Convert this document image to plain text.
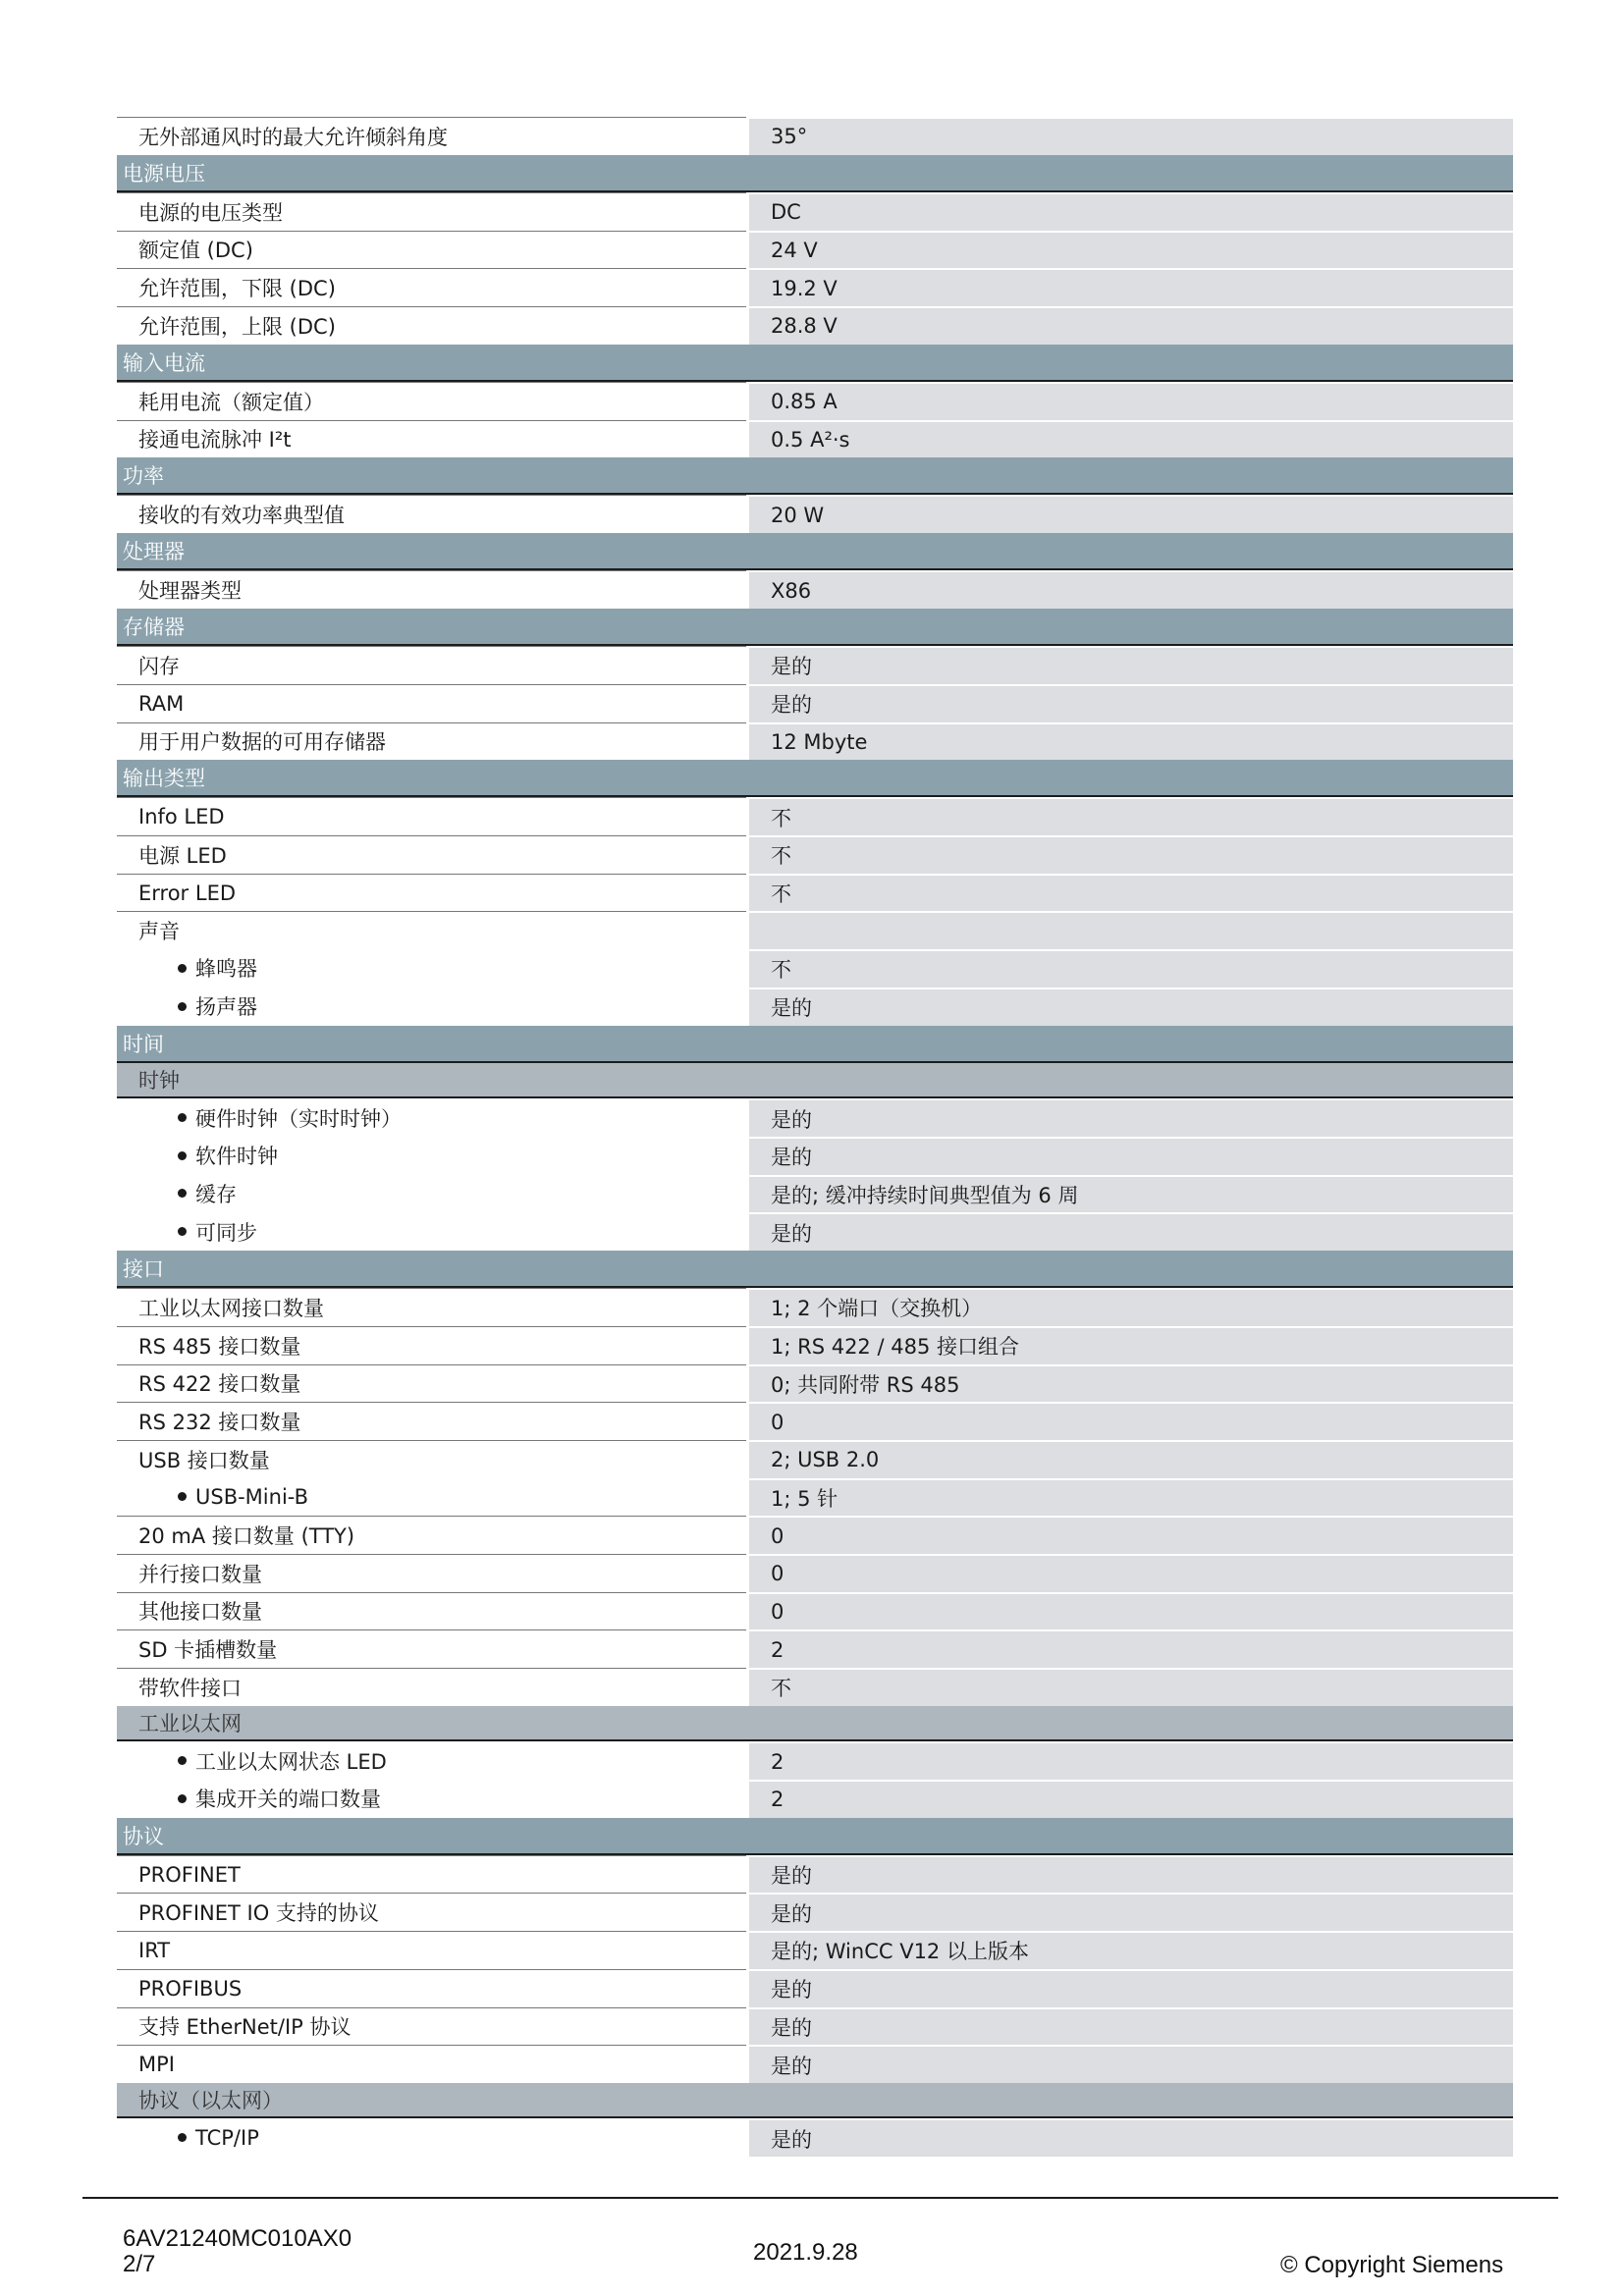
无外部通风时的最大允许倾斜角度	35°
电源电压
电源的电压类型	DC
额定值 (DC)	24 V
允许范围，下限 (DC)	19.2 V
允许范围，上限 (DC)	28.8 V
输入电流
耗用电流（额定值）	0.85 A
接通电流脉冲 I²t	0.5 A²·s
功率
接收的有效功率典型值	20 W
处理器
处理器类型	X86
存储器
闪存	是的
RAM	是的
用于用户数据的可用存储器	12 Mbyte
输出类型
Info LED	不
电源 LED	不
Error LED	不
声音
蜂鸣器	不
扬声器	是的
时间
时钟
硬件时钟（实时时钟）	是的
软件时钟	是的
缓存	是的; 缓冲持续时间典型值为 6 周
可同步	是的
接口
工业以太网接口数量	1; 2 个端口（交换机）
RS 485 接口数量	1; RS 422 / 485 接口组合
RS 422 接口数量	0; 共同附带 RS 485
RS 232 接口数量	0
USB 接口数量	2; USB 2.0
USB-Mini-B	1; 5 针
20 mA 接口数量 (TTY)	0
并行接口数量	0
其他接口数量	0
SD 卡插槽数量	2
带软件接口	不
工业以太网
工业以太网状态 LED	2
集成开关的端口数量	2
协议
PROFINET	是的
PROFINET IO 支持的协议	是的
IRT	是的; WinCC V12 以上版本
PROFIBUS	是的
支持 EtherNet/IP 协议	是的
MPI	是的
协议（以太网）
TCP/IP	是的
6AV21240MC010AX0
2/7	2021.9.28	© Copyright Siemens
